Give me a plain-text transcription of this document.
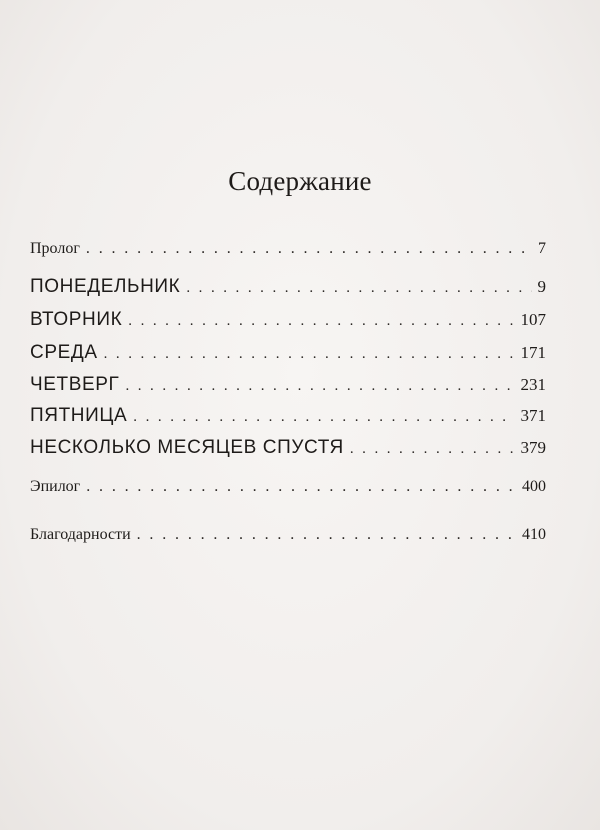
Содержание
Пролог . . .	7
ПОНЕДЕЛЬНИК . . .	9
ВТОРНИК . . .	107
СРЕДА . . .	171
ЧЕТВЕРГ . . .	231
ПЯТНИЦА . . .	371
НЕСКОЛЬКО МЕСЯЦЕВ СПУСТЯ . . .	379
Эпилог . . .	400
Благодарности . . .	410
